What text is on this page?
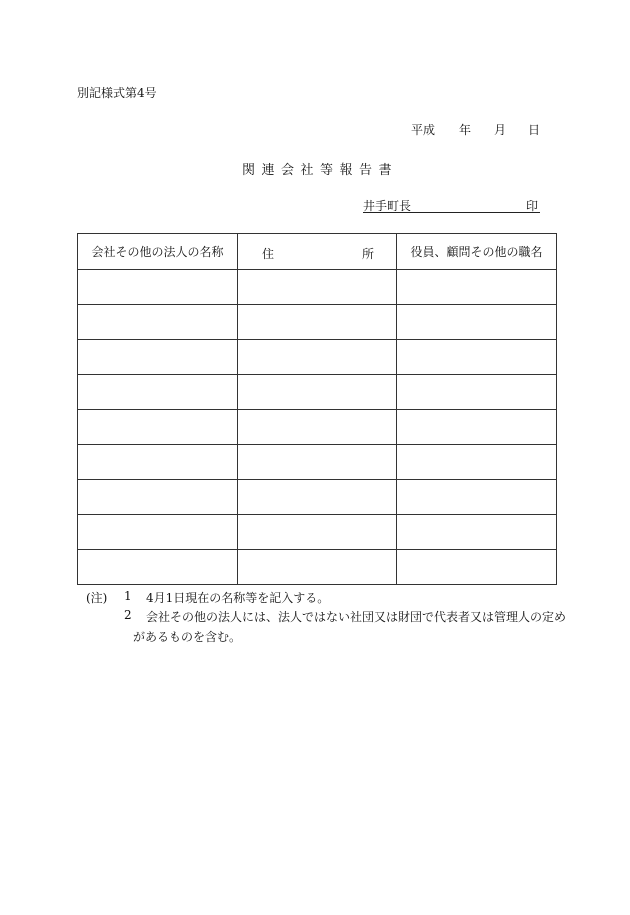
別記様式第4号
平成 年 月 日
関連会社等報告書
井手町長	印
会社その他の法人の名称	住 所	役員、顧問その他の職名

(注) 1 4月1日現在の名称等を記入する。
2 会社その他の法人には、法人ではない社団又は財団で代表者又は管理人の定め
があるものを含む。
